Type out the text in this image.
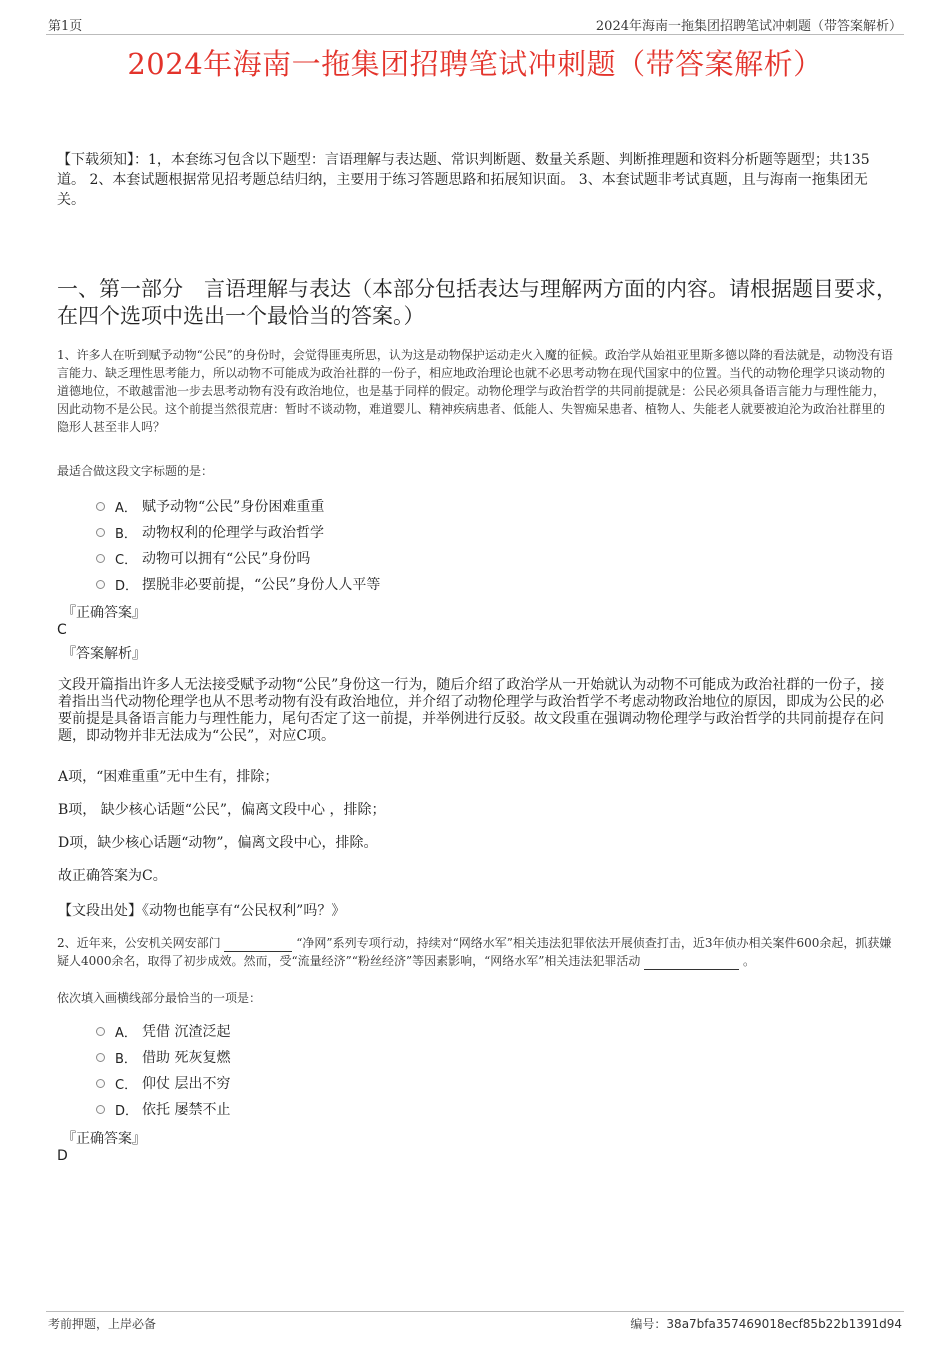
第1页	2024年海南一拖集团招聘笔试冲刺题（带答案解析）
2024年海南一拖集团招聘笔试冲刺题（带答案解析）
【下载须知】：1，本套练习包含以下题型：言语理解与表达题、常识判断题、数量关系题、判断推理题和资料分析题等题型；共135道。 2、本套试题根据常见招考题总结归纳，主要用于练习答题思路和拓展知识面。 3、本套试题非考试真题，且与海南一拖集团无关。
一、第一部分　言语理解与表达（本部分包括表达与理解两方面的内容。请根据题目要求，在四个选项中选出一个最恰当的答案。）
1、许多人在听到赋予动物“公民”的身份时，会觉得匪夷所思，认为这是动物保护运动走火入魔的征候。政治学从始祖亚里斯多德以降的看法就是，动物没有语言能力、缺乏理性思考能力，所以动物不可能成为政治社群的一份子，相应地政治理论也就不必思考动物在现代国家中的位置。当代的动物伦理学只谈动物的道德地位，不敢越雷池一步去思考动物有没有政治地位，也是基于同样的假定。动物伦理学与政治哲学的共同前提就是：公民必须具备语言能力与理性能力，因此动物不是公民。这个前提当然很荒唐：暂时不谈动物，难道婴儿、精神疾病患者、低能人、失智痴呆患者、植物人、失能老人就要被迫沦为政治社群里的隐形人甚至非人吗？
最适合做这段文字标题的是：
A． 赋予动物“公民”身份困难重重
B． 动物权利的伦理学与政治哲学
C． 动物可以拥有“公民”身份吗
D． 摆脱非必要前提，“公民”身份人人平等
『正确答案』
C
『答案解析』
文段开篇指出许多人无法接受赋予动物“公民”身份这一行为，随后介绍了政治学从一开始就认为动物不可能成为政治社群的一份子，接着指出当代动物伦理学也从不思考动物有没有政治地位，并介绍了动物伦理学与政治哲学不考虑动物政治地位的原因，即成为公民的必要前提是具备语言能力与理性能力，尾句否定了这一前提，并举例进行反驳。故文段重在强调动物伦理学与政治哲学的共同前提存在问题，即动物并非无法成为“公民”，对应C项。
A项，“困难重重”无中生有，排除；
B项， 缺少核心话题“公民”，偏离文段中心 ，排除；
D项，缺少核心话题“动物”，偏离文段中心，排除。
故正确答案为C。
【文段出处】《动物也能享有“公民权利”吗？》
2、近年来，公安机关网安部门	“净网”系列专项行动，持续对“网络水军”相关违法犯罪依法开展侦查打击，近3年侦办相关案件600余起，抓获嫌疑人4000余名，取得了初步成效。然而，受“流量经济”“粉丝经济”等因素影响，“网络水军”相关违法犯罪活动	。
依次填入画横线部分最恰当的一项是：
A． 凭借 沉渣泛起
B． 借助 死灰复燃
C． 仰仗 层出不穷
D． 依托 屡禁不止
『正确答案』
D
考前押题，上岸必备	编号：38a7bfa357469018ecf85b22b1391d94
